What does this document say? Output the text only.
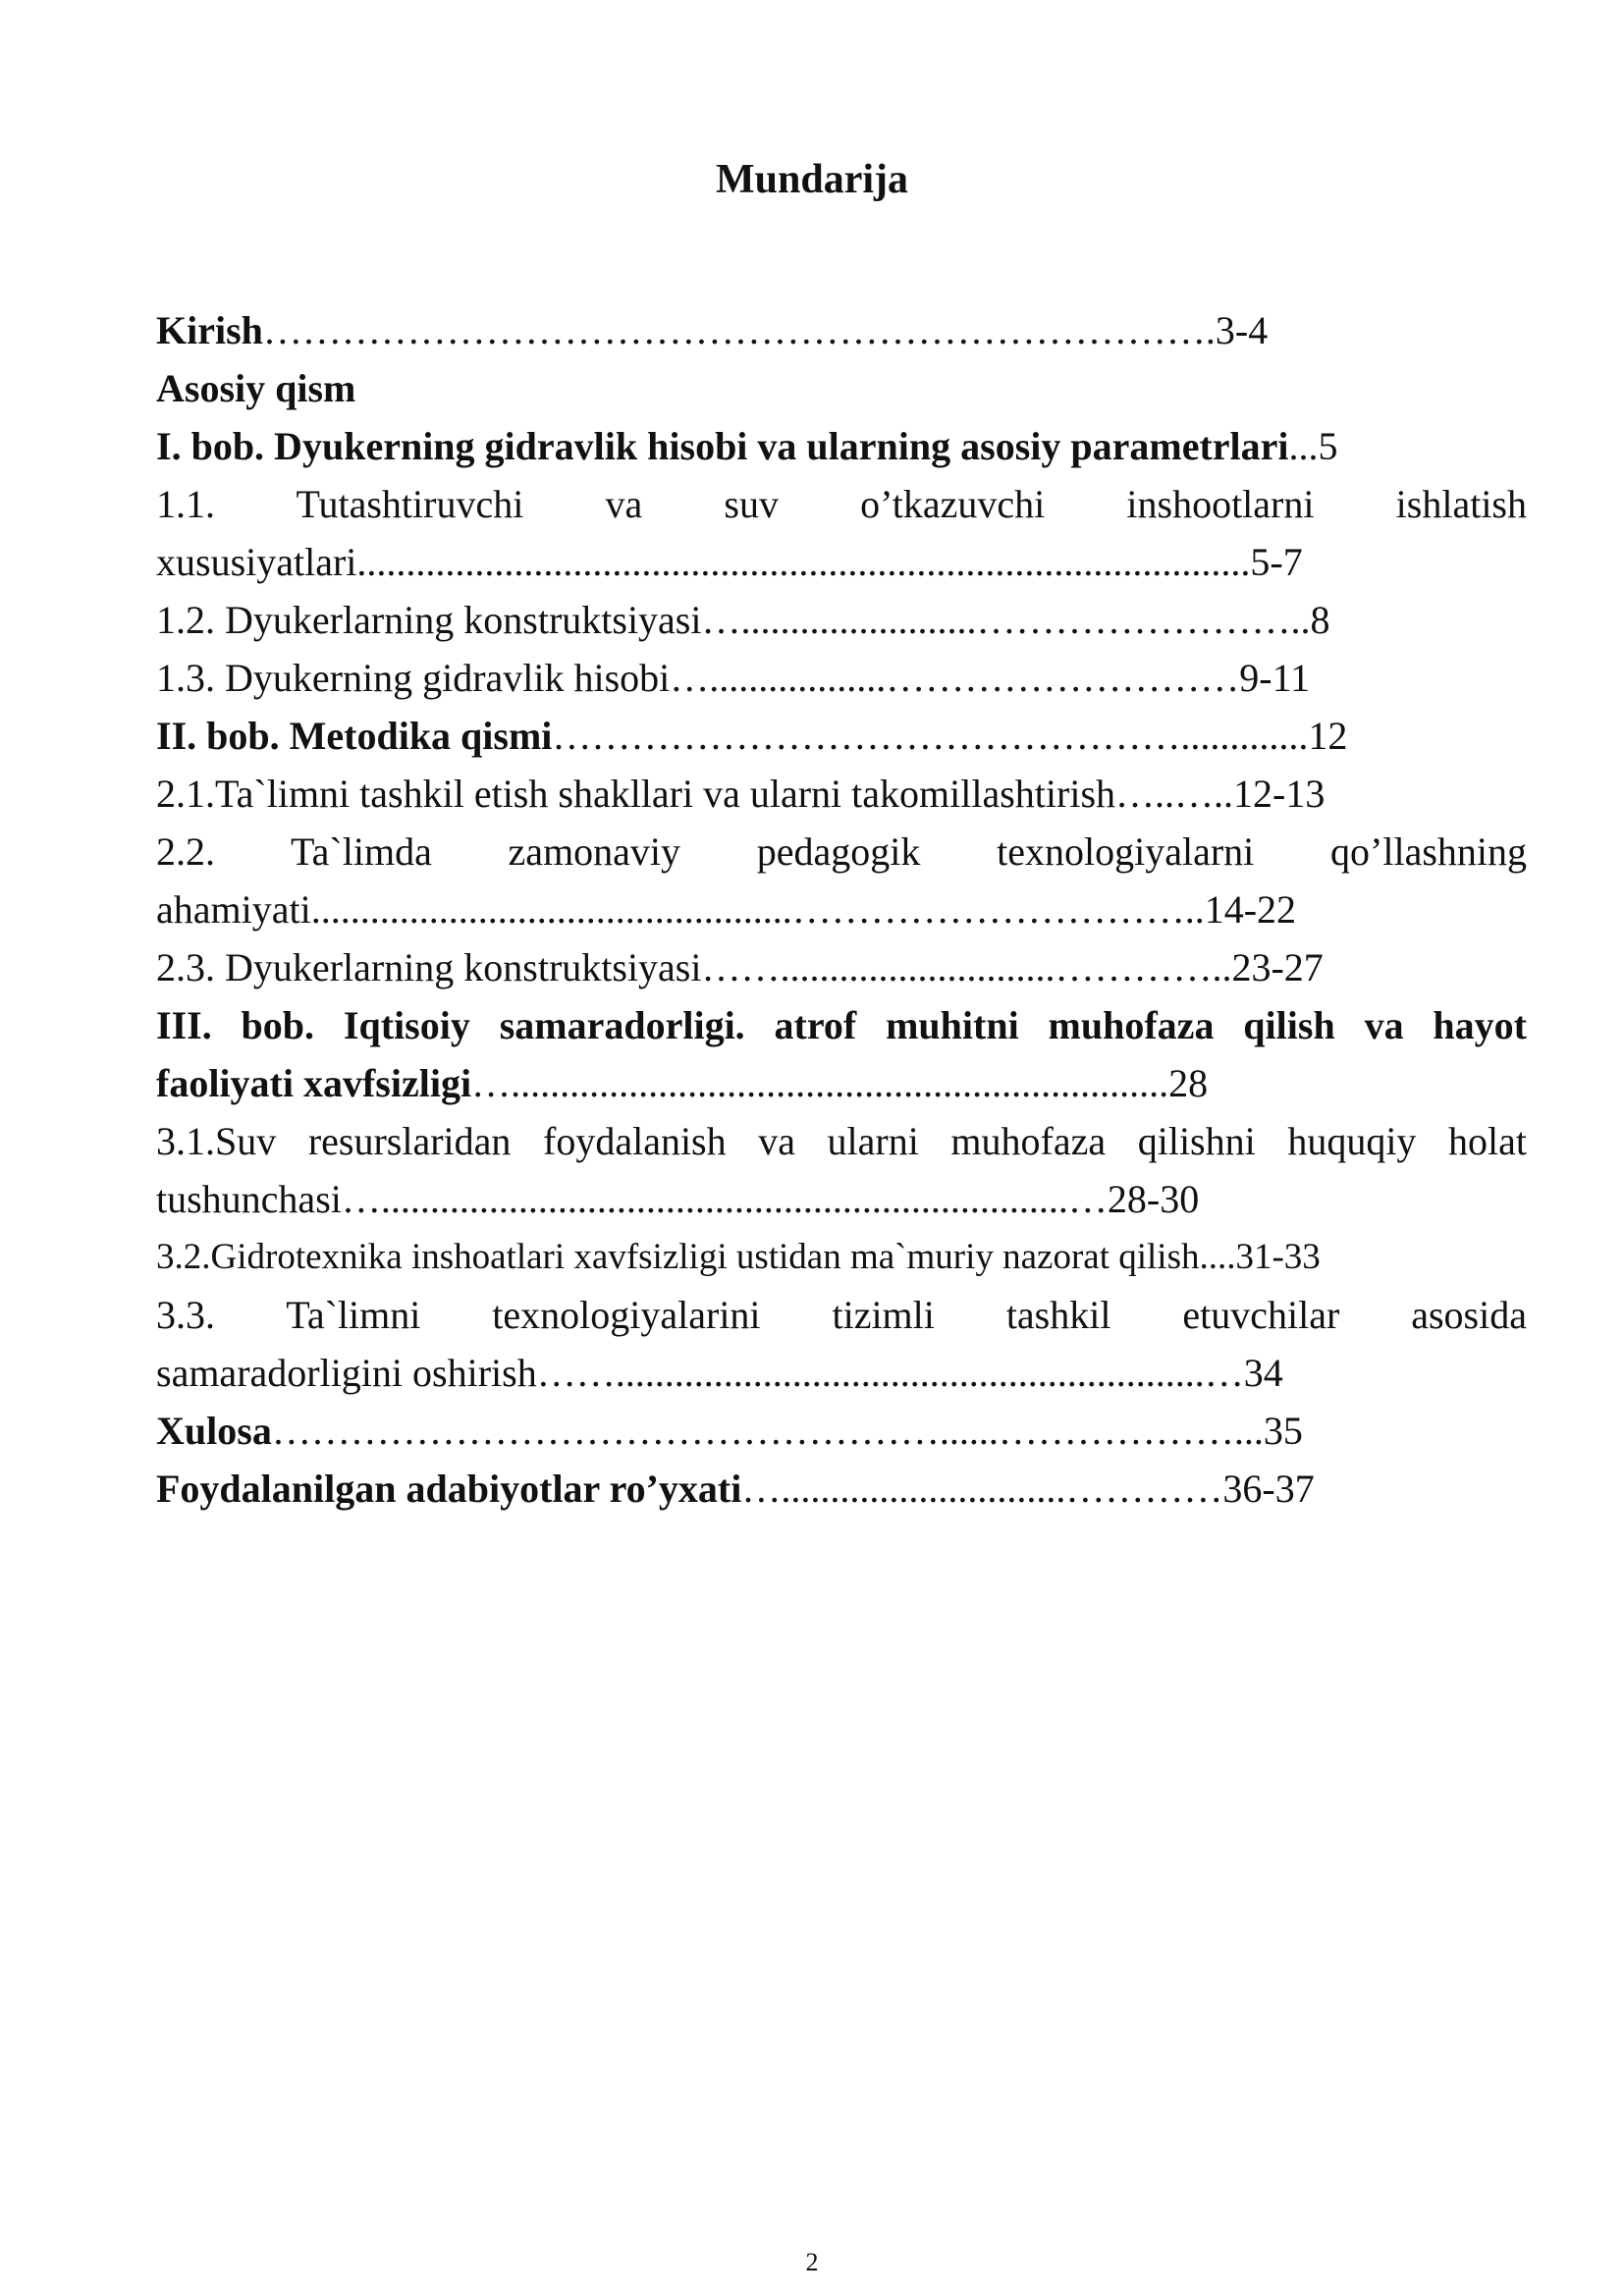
Mundarija
Kirish……………………………………………………………….3-4
Asosiy qism
I. bob. Dyukerning gidravlik hisobi va ularning asosiy parametrlari...5
1.1. Tutashtiruvchi va suv o’tkazuvchi inshootlarni ishlatish
xususiyatlari...........................................................................................5-7
1.2. Dyukerlarning konstruktsiyasi…........................……………………..8
1.3. Dyukerning gidravlik hisobi…..................………………………9-11
II. bob. Metodika qismi………………………………………….............12
2.1.Ta`limni tashkil etish shakllari va ularni takomillashtirish…..…..12-13
2.2. Ta`limda zamonaviy pedagogik texnologiyalarni qo’llashning
ahamiyati.................................................…………………………..14-22
2.3. Dyukerlarning konstruktsiyasi……............................…………..23-27
III. bob. Iqtisoiy samaradorligi. atrof muhitni muhofaza qilish va hayot
faoliyati xavfsizligi…...................................................................28
3.1.Suv resurslaridan foydalanish va ularni muhofaza qilishni huquqiy holat
tushunchasi…......................................................................…28-30
3.2.Gidrotexnika inshoatlari xavfsizligi ustidan ma`muriy nazorat qilish....31-33
3.3. Ta`limni texnologiyalarini tizimli tashkil etuvchilar asosida
samaradorligini oshirish……............................................................…34
Xulosa……………………………………………......………………...35
Foydalanilgan adabiyotlar ro’yxati….............................…………36-37
2
